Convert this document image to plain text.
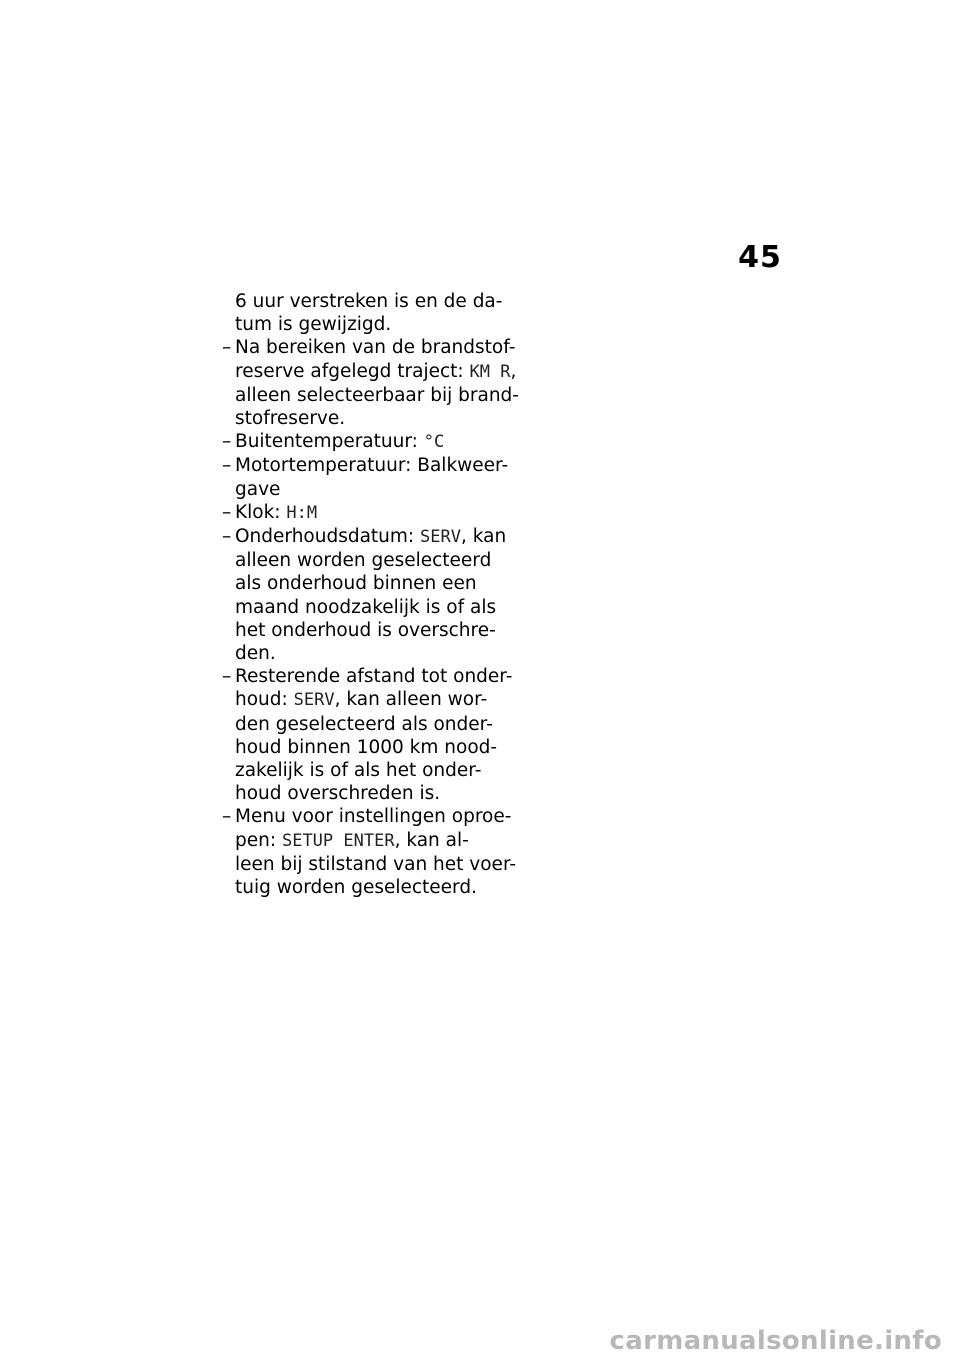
45
6 uur verstreken is en de da-
tum is gewijzigd.
– Na bereiken van de brandstof-
reserve afgelegd traject: KM R,
alleen selecteerbaar bij brand-
stofreserve.
– Buitentemperatuur: °C
– Motortemperatuur: Balkweer-
gave
– Klok: H:M
– Onderhoudsdatum: SERV, kan
alleen worden geselecteerd
als onderhoud binnen een
maand noodzakelijk is of als
het onderhoud is overschre-
den.
– Resterende afstand tot onder-
houd: SERV, kan alleen wor-
den geselecteerd als onder-
houd binnen 1000 km nood-
zakelijk is of als het onder-
houd overschreden is.
– Menu voor instellingen oproe-
pen: SETUP ENTER, kan al-
leen bij stilstand van het voer-
tuig worden geselecteerd.
carmanualsonline.info
